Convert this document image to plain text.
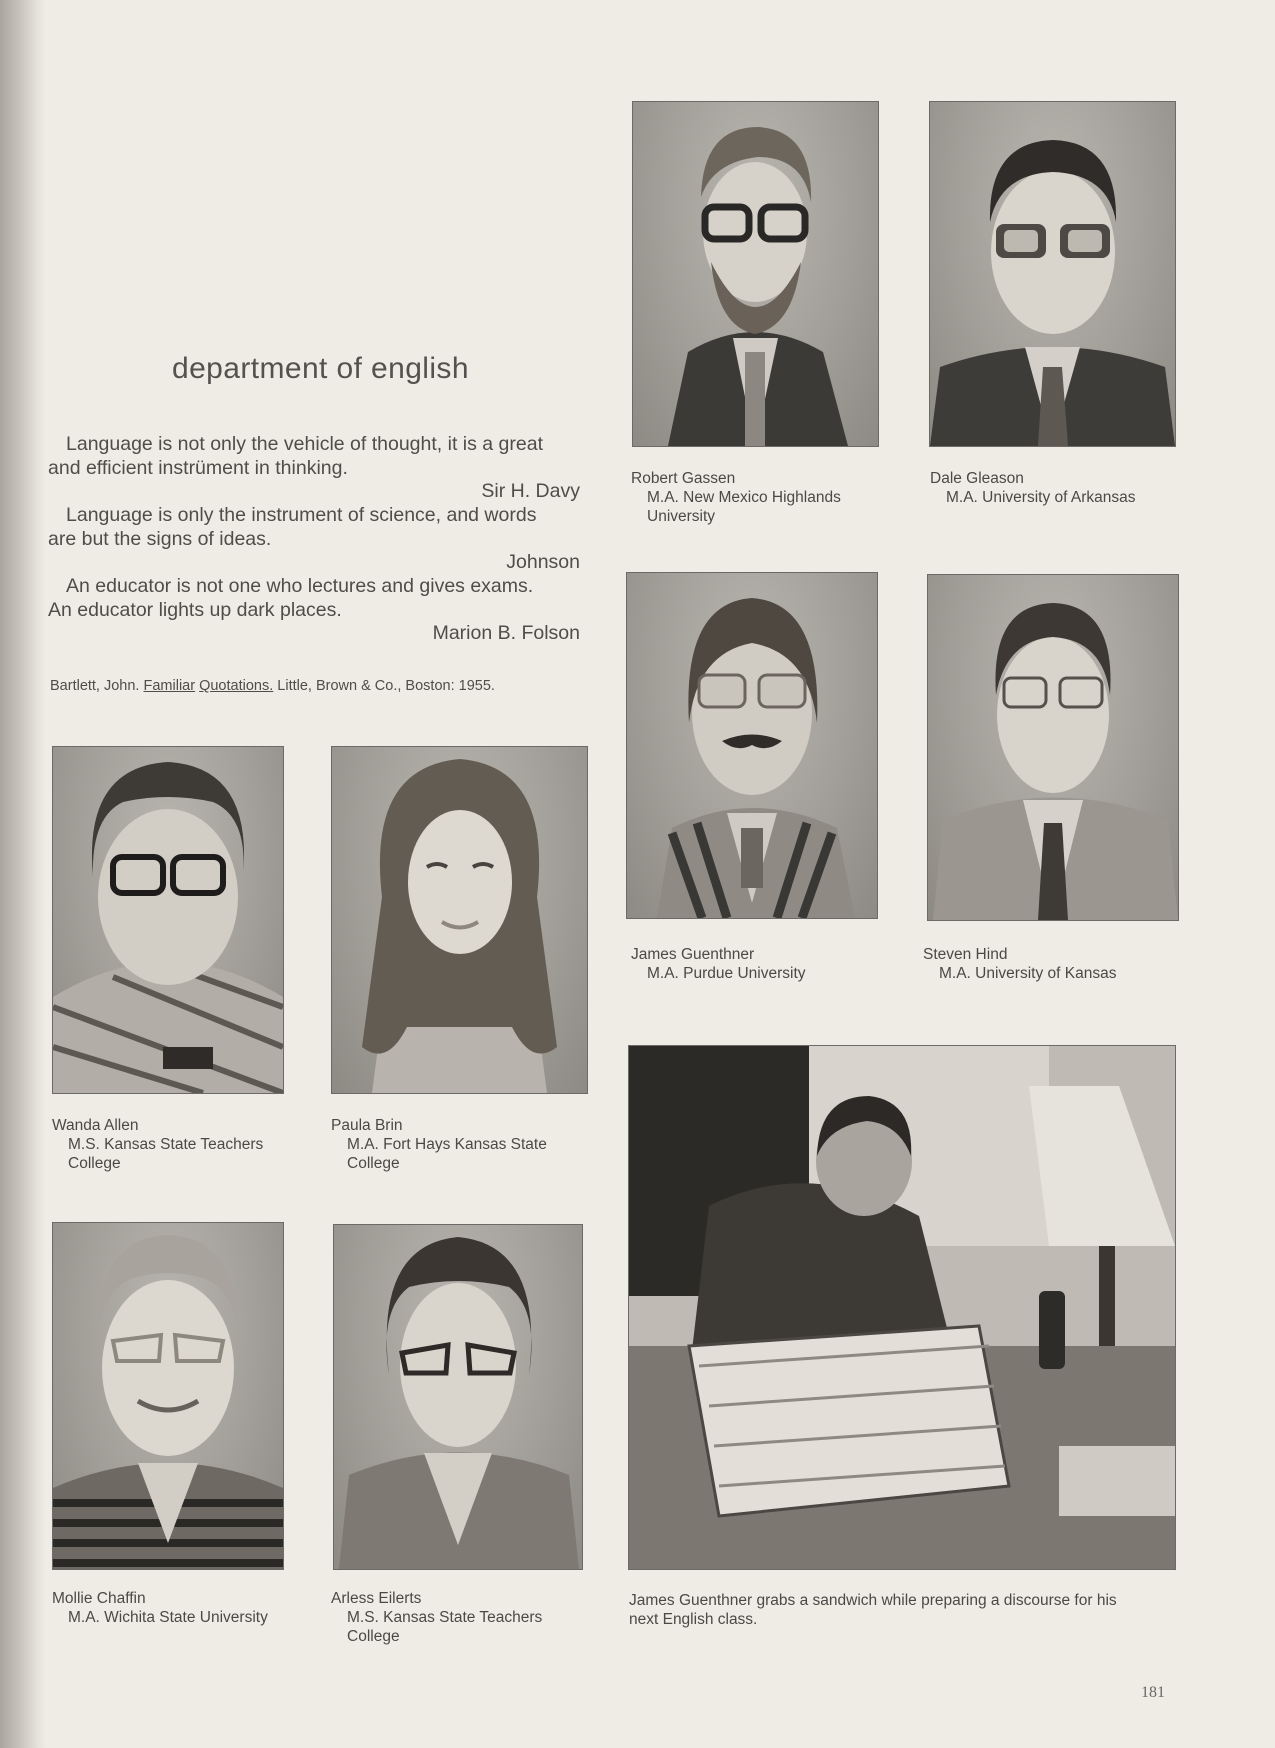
department of english
Language is not only the vehicle of thought, it is a great
and efficient instrüment in thinking.
Sir H. Davy
Language is only the instrument of science, and words
are but the signs of ideas.
Johnson
An educator is not one who lectures and gives exams.
An educator lights up dark places.
Marion B. Folson
Bartlett, John. Familiar Quotations. Little, Brown & Co., Boston: 1955.
Robert Gassen
M.A. New Mexico Highlands
University
Dale Gleason
M.A. University of Arkansas
James Guenthner
M.A. Purdue University
Steven Hind
M.A. University of Kansas
Wanda Allen
M.S. Kansas State Teachers
College
Paula Brin
M.A. Fort Hays Kansas State
College
Mollie Chaffin
M.A. Wichita State University
Arless Eilerts
M.S. Kansas State Teachers
College
James Guenthner grabs a sandwich while preparing a discourse for his
next English class.
181
